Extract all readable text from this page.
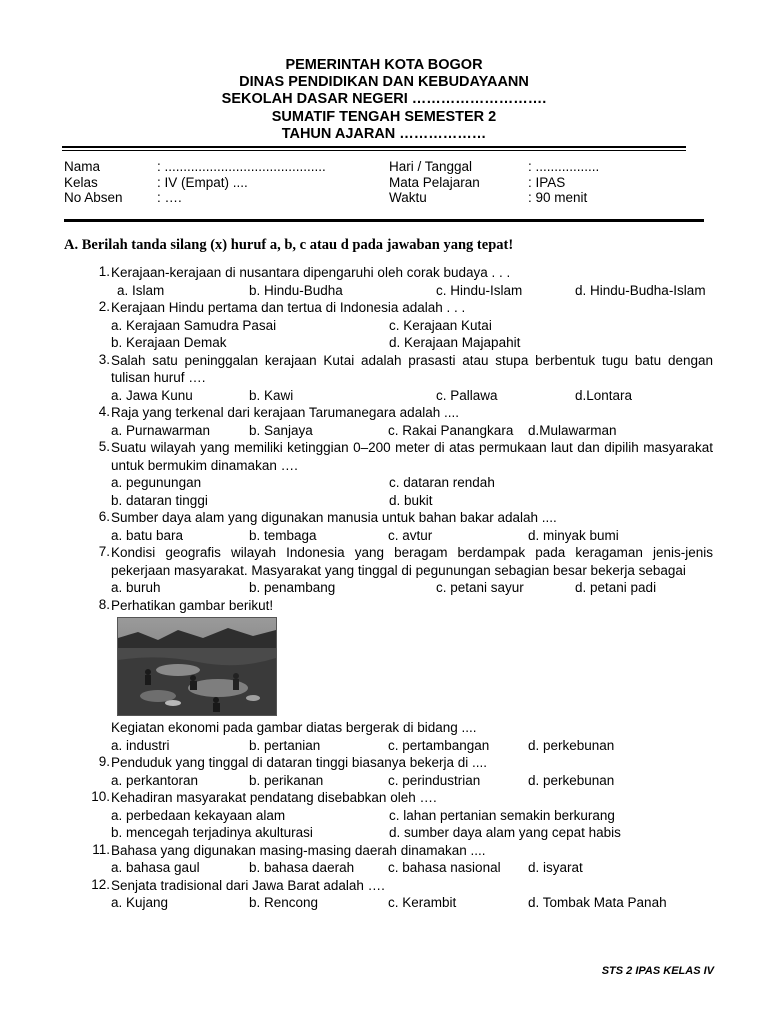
PEMERINTAH KOTA BOGOR
DINAS PENDIDIKAN DAN KEBUDAYAANN
SEKOLAH DASAR NEGERI ……………………….
SUMATIF TENGAH SEMESTER 2
TAHUN AJARAN ………………
Nama	: ...........................................	Hari / Tanggal	: .................
Kelas	: IV (Empat) ....	Mata Pelajaran	: IPAS
No Absen	: ….	Waktu	: 90 menit
A. Berilah tanda silang (x) huruf a, b, c atau d pada jawaban yang tepat!
1. Kerajaan-kerajaan di nusantara dipengaruhi oleh corak budaya . . .
a. Islam	b. Hindu-Budha	c. Hindu-Islam	d. Hindu-Budha-Islam
2. Kerajaan Hindu pertama dan tertua di Indonesia adalah . . .
a. Kerajaan Samudra Pasai	c. Kerajaan Kutai
b. Kerajaan Demak	d. Kerajaan Majapahit
3. Salah satu peninggalan kerajaan Kutai adalah prasasti atau stupa berbentuk tugu batu dengan tulisan huruf ….
a. Jawa Kunu	b. Kawi	c. Pallawa	d.Lontara
4. Raja yang terkenal dari kerajaan Tarumanegara adalah ....
a. Purnawarman	b. Sanjaya	c. Rakai Panangkara d.Mulawarman
5. Suatu wilayah yang memiliki ketinggian 0–200 meter di atas permukaan laut dan dipilih masyarakat untuk bermukim dinamakan ….
a. pegunungan	c. dataran rendah
b. dataran tinggi	d. bukit
6. Sumber daya alam yang digunakan manusia untuk bahan bakar adalah ....
a. batu bara	b. tembaga	c. avtur	d. minyak bumi
7. Kondisi geografis wilayah Indonesia yang beragam berdampak pada keragaman jenis-jenis pekerjaan masyarakat. Masyarakat yang tinggal di pegunungan sebagian besar bekerja sebagai
a. buruh	b. penambang	c. petani sayur	d. petani padi
8. Perhatikan gambar berikut!
Kegiatan ekonomi pada gambar diatas bergerak di bidang ....
a. industri	b. pertanian	c. pertambangan	d. perkebunan
9. Penduduk yang tinggal di dataran tinggi biasanya bekerja di ....
a. perkantoran	b. perikanan	c. perindustrian	d. perkebunan
10. Kehadiran masyarakat pendatang disebabkan oleh ….
a. perbedaan kekayaan alam	c. lahan pertanian semakin berkurang
b. mencegah terjadinya akulturasi	d. sumber daya alam yang cepat habis
11. Bahasa yang digunakan masing-masing daerah dinamakan ....
a. bahasa gaul	b. bahasa daerah	c. bahasa nasional d. isyarat
12. Senjata tradisional dari Jawa Barat adalah ….
a. Kujang	b. Rencong	c. Kerambit	d. Tombak Mata Panah
STS 2 IPAS KELAS IV
